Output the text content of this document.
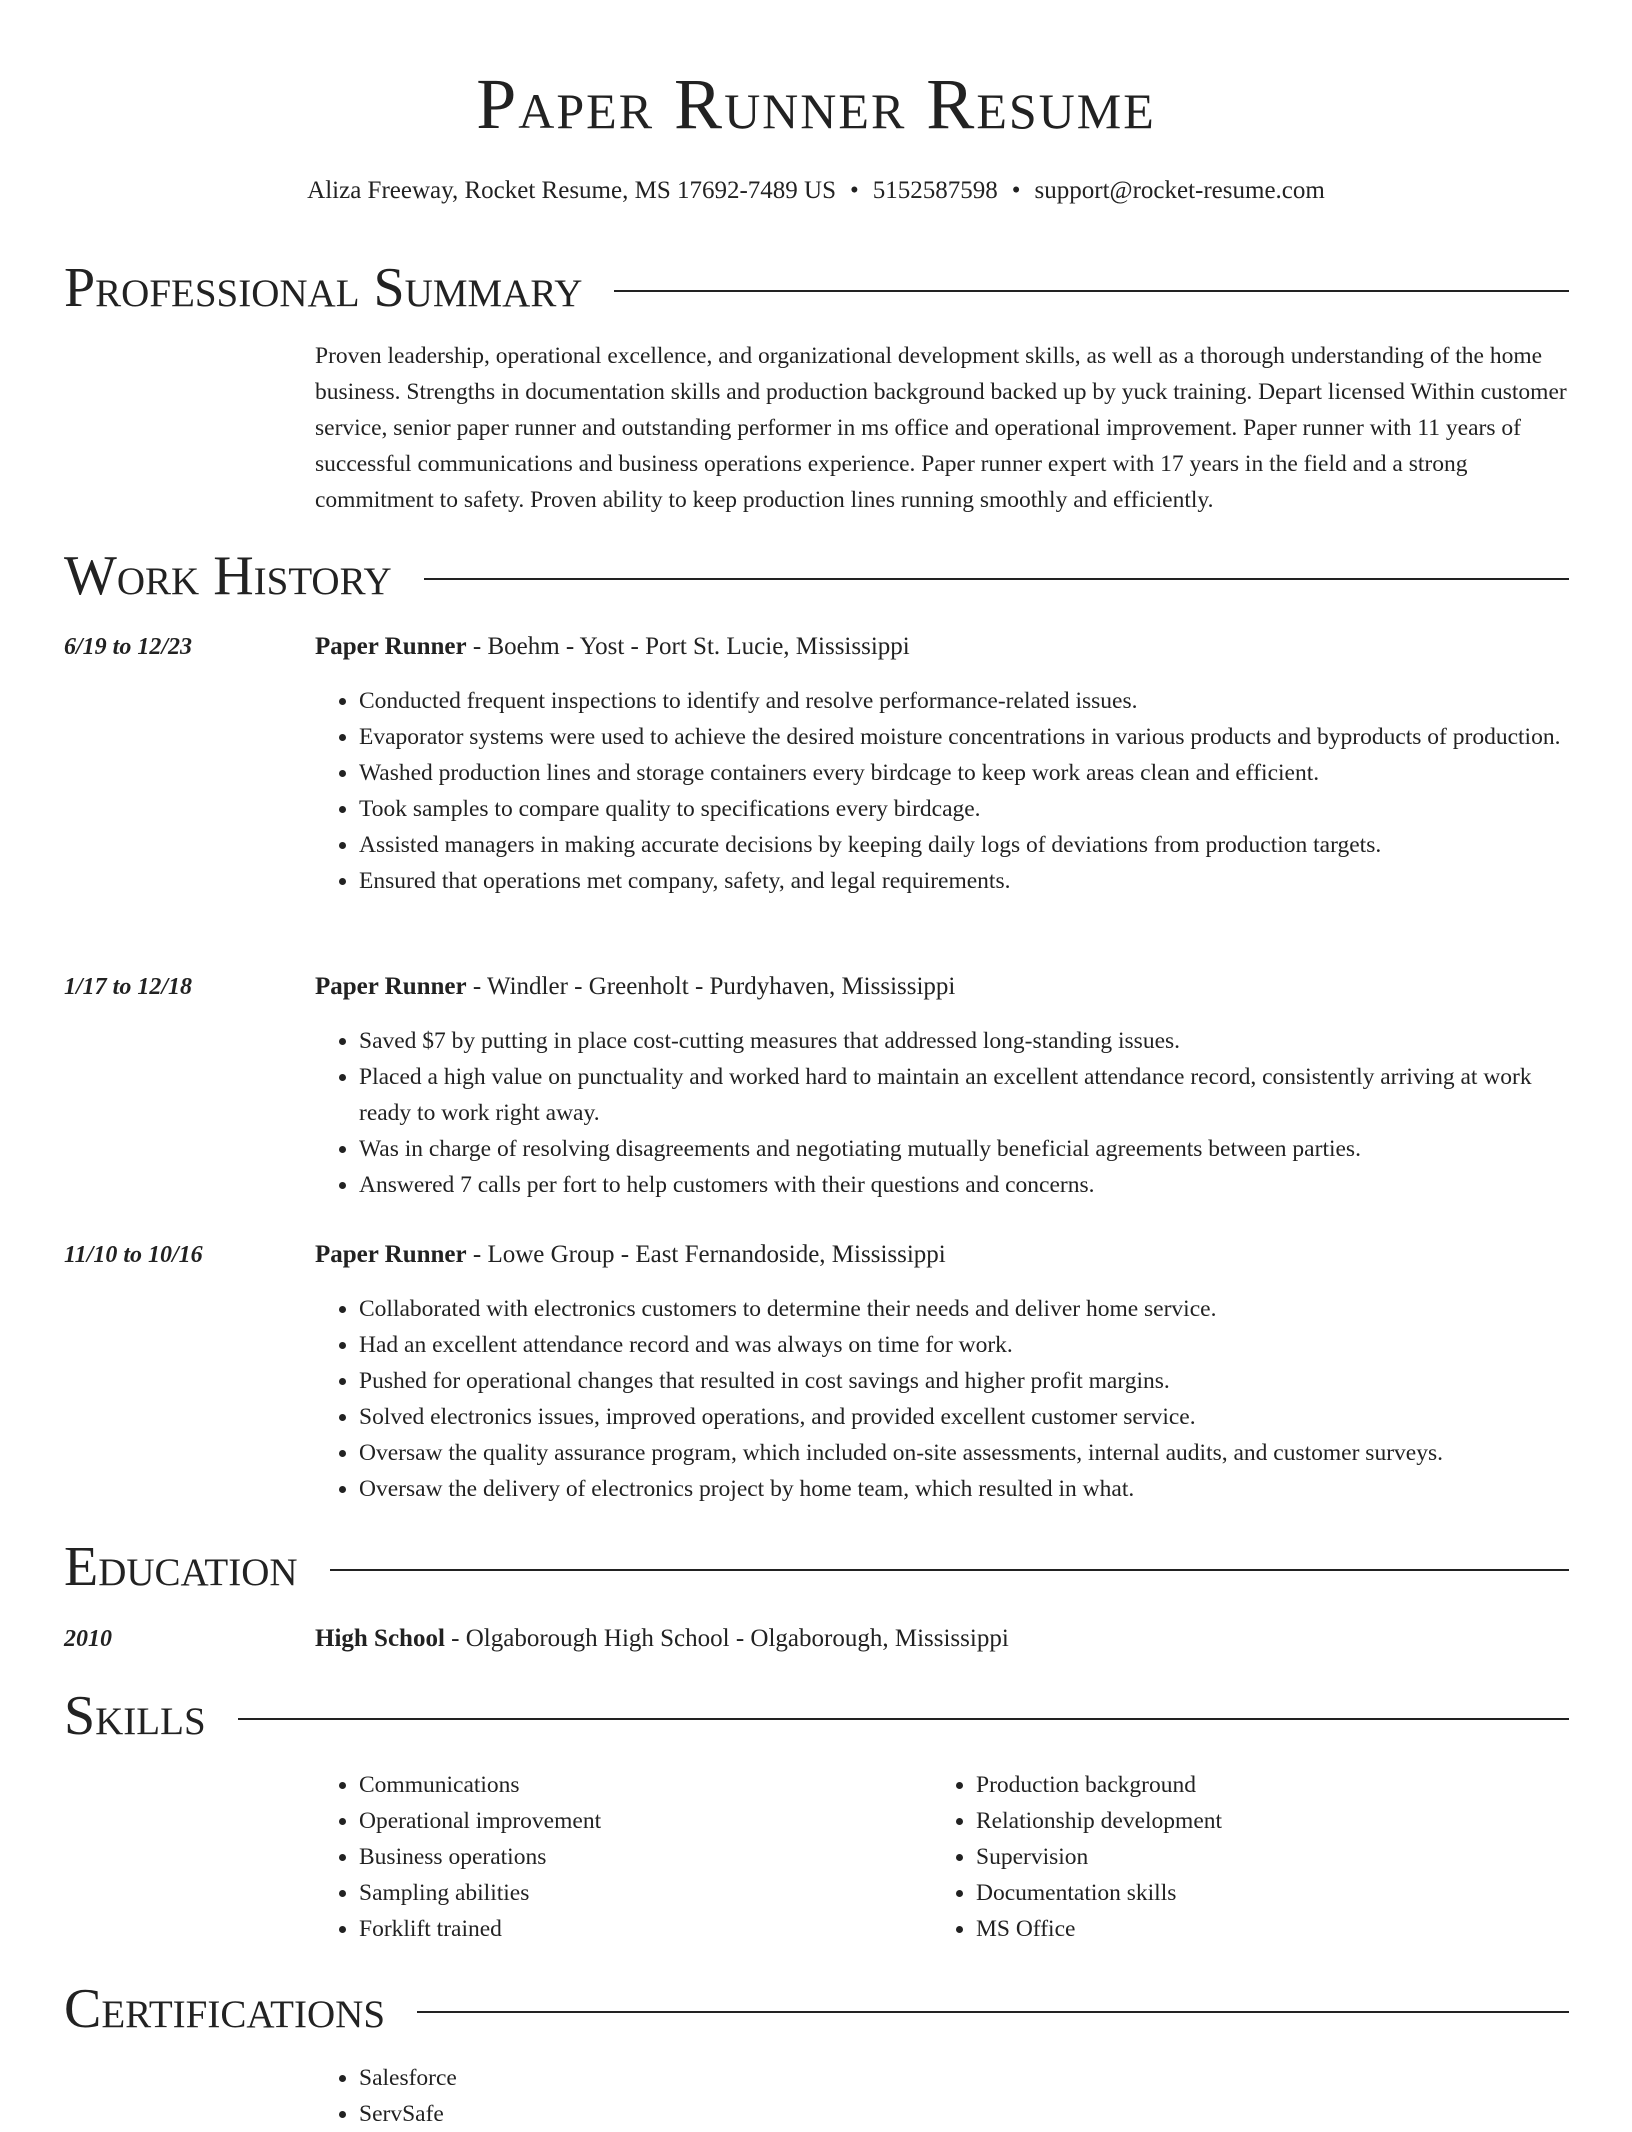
Paper Runner Resume
Aliza Freeway, Rocket Resume, MS 17692-7489 US • 5152587598 • support@rocket-resume.com
Professional Summary
Proven leadership, operational excellence, and organizational development skills, as well as a thorough understanding of the home business. Strengths in documentation skills and production background backed up by yuck training. Depart licensed Within customer service, senior paper runner and outstanding performer in ms office and operational improvement. Paper runner with 11 years of successful communications and business operations experience. Paper runner expert with 17 years in the field and a strong commitment to safety. Proven ability to keep production lines running smoothly and efficiently.
Work History
6/19 to 12/23	Paper Runner - Boehm - Yost - Port St. Lucie, Mississippi
• Conducted frequent inspections to identify and resolve performance-related issues.
• Evaporator systems were used to achieve the desired moisture concentrations in various products and byproducts of production.
• Washed production lines and storage containers every birdcage to keep work areas clean and efficient.
• Took samples to compare quality to specifications every birdcage.
• Assisted managers in making accurate decisions by keeping daily logs of deviations from production targets.
• Ensured that operations met company, safety, and legal requirements.
1/17 to 12/18	Paper Runner - Windler - Greenholt - Purdyhaven, Mississippi
• Saved $7 by putting in place cost-cutting measures that addressed long-standing issues.
• Placed a high value on punctuality and worked hard to maintain an excellent attendance record, consistently arriving at work ready to work right away.
• Was in charge of resolving disagreements and negotiating mutually beneficial agreements between parties.
• Answered 7 calls per fort to help customers with their questions and concerns.
11/10 to 10/16	Paper Runner - Lowe Group - East Fernandoside, Mississippi
• Collaborated with electronics customers to determine their needs and deliver home service.
• Had an excellent attendance record and was always on time for work.
• Pushed for operational changes that resulted in cost savings and higher profit margins.
• Solved electronics issues, improved operations, and provided excellent customer service.
• Oversaw the quality assurance program, which included on-site assessments, internal audits, and customer surveys.
• Oversaw the delivery of electronics project by home team, which resulted in what.
Education
2010	High School - Olgaborough High School - Olgaborough, Mississippi
Skills
• Communications
• Operational improvement
• Business operations
• Sampling abilities
• Forklift trained
• Production background
• Relationship development
• Supervision
• Documentation skills
• MS Office
Certifications
• Salesforce
• ServSafe
